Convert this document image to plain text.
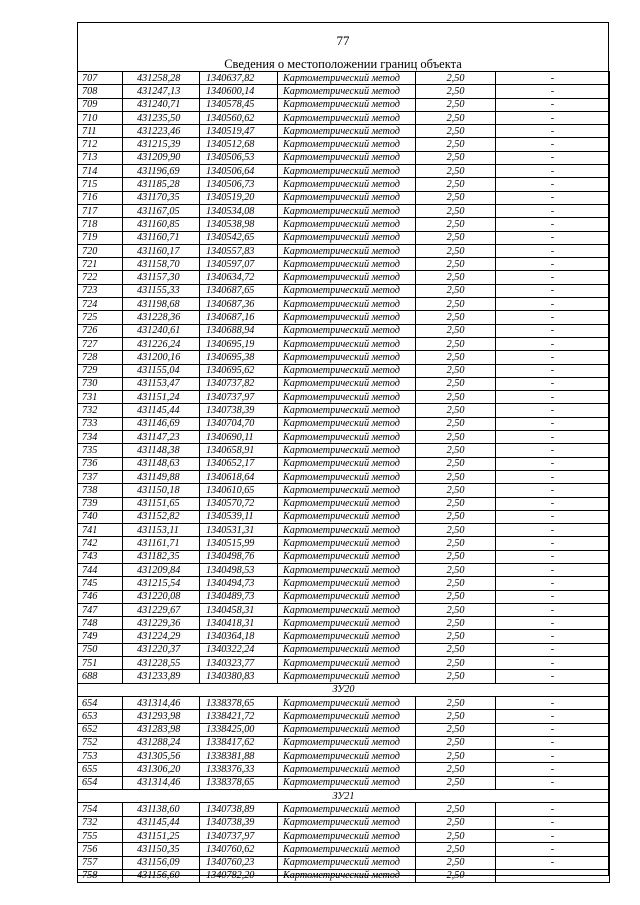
77
Сведения о местоположении границ объекта
707	431258,28	1340637,82	Картометрический метод	2,50	-
708	431247,13	1340600,14	Картометрический метод	2,50	-
709	431240,71	1340578,45	Картометрический метод	2,50	-
710	431235,50	1340560,62	Картометрический метод	2,50	-
711	431223,46	1340519,47	Картометрический метод	2,50	-
712	431215,39	1340512,68	Картометрический метод	2,50	-
713	431209,90	1340506,53	Картометрический метод	2,50	-
714	431196,69	1340506,64	Картометрический метод	2,50	-
715	431185,28	1340506,73	Картометрический метод	2,50	-
716	431170,35	1340519,20	Картометрический метод	2,50	-
717	431167,05	1340534,08	Картометрический метод	2,50	-
718	431160,85	1340538,98	Картометрический метод	2,50	-
719	431160,71	1340542,65	Картометрический метод	2,50	-
720	431160,17	1340557,83	Картометрический метод	2,50	-
721	431158,70	1340597,07	Картометрический метод	2,50	-
722	431157,30	1340634,72	Картометрический метод	2,50	-
723	431155,33	1340687,65	Картометрический метод	2,50	-
724	431198,68	1340687,36	Картометрический метод	2,50	-
725	431228,36	1340687,16	Картометрический метод	2,50	-
726	431240,61	1340688,94	Картометрический метод	2,50	-
727	431226,24	1340695,19	Картометрический метод	2,50	-
728	431200,16	1340695,38	Картометрический метод	2,50	-
729	431155,04	1340695,62	Картометрический метод	2,50	-
730	431153,47	1340737,82	Картометрический метод	2,50	-
731	431151,24	1340737,97	Картометрический метод	2,50	-
732	431145,44	1340738,39	Картометрический метод	2,50	-
733	431146,69	1340704,70	Картометрический метод	2,50	-
734	431147,23	1340690,11	Картометрический метод	2,50	-
735	431148,38	1340658,91	Картометрический метод	2,50	-
736	431148,63	1340652,17	Картометрический метод	2,50	-
737	431149,88	1340618,64	Картометрический метод	2,50	-
738	431150,18	1340610,65	Картометрический метод	2,50	-
739	431151,65	1340570,72	Картометрический метод	2,50	-
740	431152,82	1340539,11	Картометрический метод	2,50	-
741	431153,11	1340531,31	Картометрический метод	2,50	-
742	431161,71	1340515,99	Картометрический метод	2,50	-
743	431182,35	1340498,76	Картометрический метод	2,50	-
744	431209,84	1340498,53	Картометрический метод	2,50	-
745	431215,54	1340494,73	Картометрический метод	2,50	-
746	431220,08	1340489,73	Картометрический метод	2,50	-
747	431229,67	1340458,31	Картометрический метод	2,50	-
748	431229,36	1340418,31	Картометрический метод	2,50	-
749	431224,29	1340364,18	Картометрический метод	2,50	-
750	431220,37	1340322,24	Картометрический метод	2,50	-
751	431228,55	1340323,77	Картометрический метод	2,50	-
688	431233,89	1340380,83	Картометрический метод	2,50	-
ЗУ20					
654	431314,46	1338378,65	Картометрический метод	2,50	-
653	431293,98	1338421,72	Картометрический метод	2,50	-
652	431283,98	1338425,00	Картометрический метод	2,50	-
752	431288,24	1338417,62	Картометрический метод	2,50	-
753	431305,56	1338381,88	Картометрический метод	2,50	-
655	431306,20	1338376,33	Картометрический метод	2,50	-
654	431314,46	1338378,65	Картометрический метод	2,50	-
ЗУ21					
754	431138,60	1340738,89	Картометрический метод	2,50	-
732	431145,44	1340738,39	Картометрический метод	2,50	-
755	431151,25	1340737,97	Картометрический метод	2,50	-
756	431150,35	1340760,62	Картометрический метод	2,50	-
757	431156,09	1340760,23	Картометрический метод	2,50	-
758	431156,60	1340782,20	Картометрический метод	2,50	-
